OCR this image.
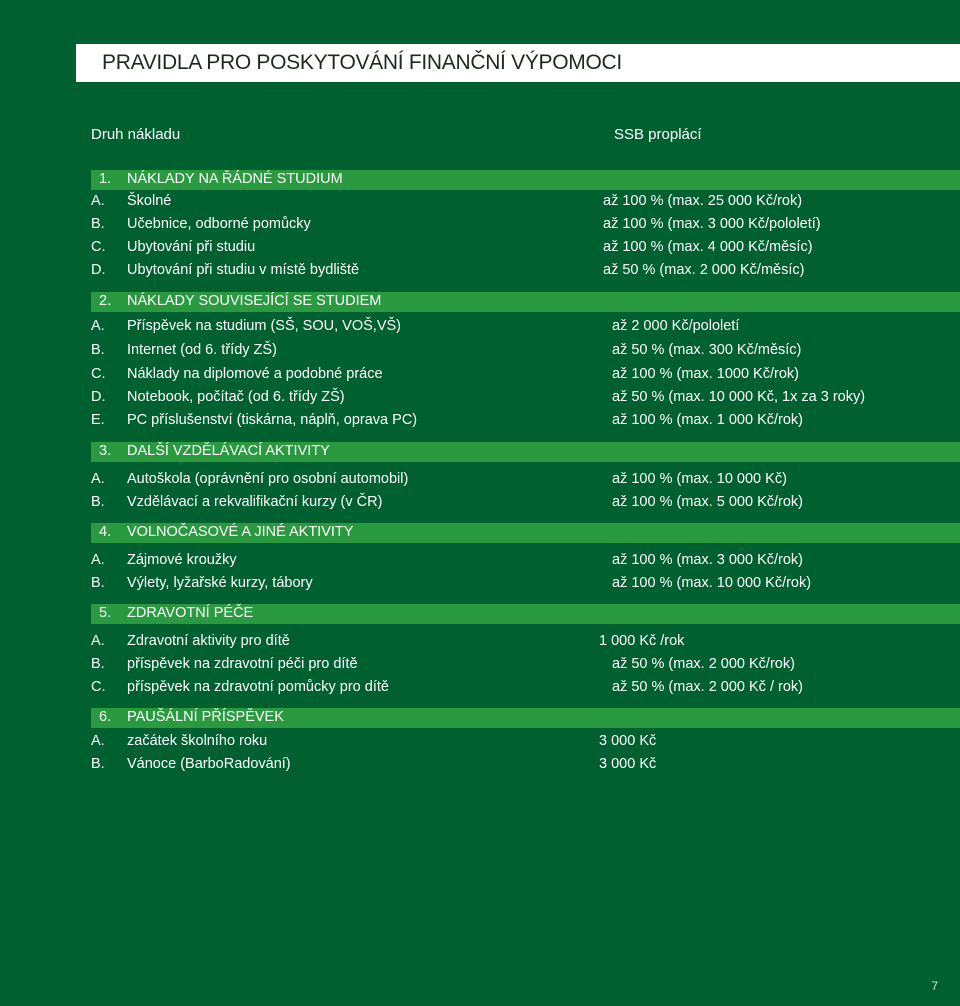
PRAVIDLA PRO POSKYTOVÁNÍ FINANČNÍ VÝPOMOCI
Druh nákladu	SSB proplácí
1. NÁKLADY NA ŘÁDNÉ STUDIUM
A. Školné	až 100 % (max. 25 000 Kč/rok)
B. Učebnice, odborné pomůcky	až 100 % (max. 3 000 Kč/pololetí)
C. Ubytování při studiu	až 100 % (max. 4 000 Kč/měsíc)
D. Ubytování při studiu v místě bydliště	až 50 % (max. 2 000 Kč/měsíc)
2. NÁKLADY SOUVISEJÍCÍ SE STUDIEM
A. Příspěvek na studium (SŠ, SOU, VOŠ,VŠ)	až 2 000 Kč/pololetí
B. Internet (od 6. třídy ZŠ)	až 50 % (max. 300 Kč/měsíc)
C. Náklady na diplomové a podobné práce	až 100 % (max. 1000 Kč/rok)
D. Notebook, počítač (od 6. třídy ZŠ)	až 50 % (max. 10 000 Kč, 1x za 3 roky)
E. PC příslušenství (tiskárna, náplň, oprava PC)	až 100 % (max. 1 000 Kč/rok)
3. DALŠÍ VZDĚLÁVACÍ AKTIVITY
A. Autoškola (oprávnění pro osobní automobil)	až 100 % (max. 10 000 Kč)
B. Vzdělávací a rekvalifikační kurzy (v ČR)	až 100 % (max. 5 000 Kč/rok)
4. VOLNOČASOVÉ A JINÉ AKTIVITY
A. Zájmové kroužky	až 100 % (max. 3 000 Kč/rok)
B. Výlety, lyžařské kurzy, tábory	až 100 % (max. 10 000 Kč/rok)
5. ZDRAVOTNÍ PÉČE
A. Zdravotní aktivity pro dítě	1 000 Kč /rok
B. příspěvek na zdravotní péči pro dítě	až 50 % (max. 2 000 Kč/rok)
C. příspěvek na zdravotní pomůcky pro dítě	až 50 % (max. 2 000 Kč / rok)
6. PAUŠÁLNÍ PŘÍSPĚVEK
A. začátek školního roku	3 000 Kč
B. Vánoce (BarboRadování)	3 000 Kč
7
